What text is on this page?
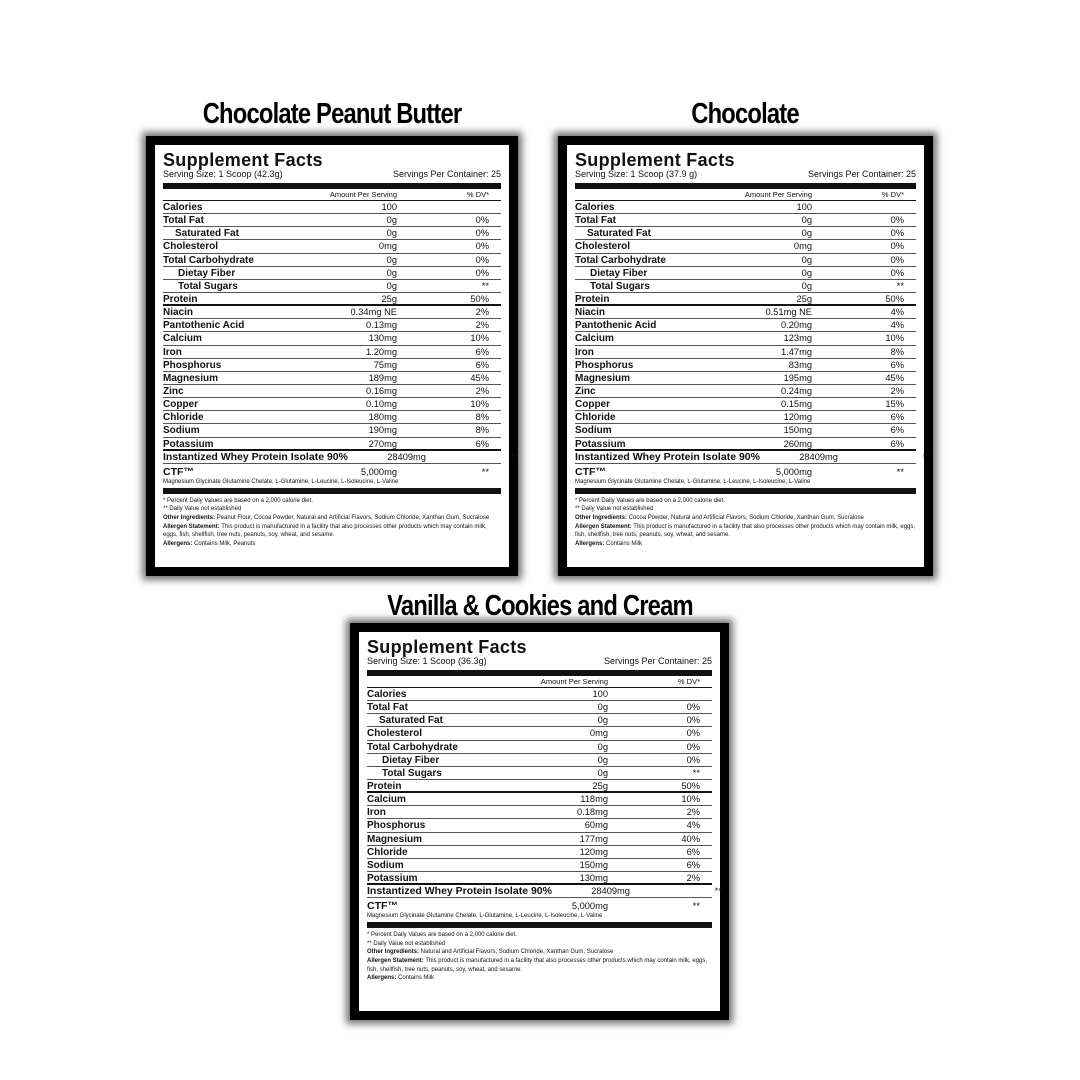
Chocolate Peanut Butter
Supplement Facts
Serving Size: 1 Scoop (42.3g)	Servings Per Container: 25
Amount Per Serving	% DV*
Calories	100
Total Fat	0g	0%
Saturated Fat	0g	0%
Cholesterol	0mg	0%
Total Carbohydrate	0g	0%
Dietay Fiber	0g	0%
Total Sugars	0g	**
Protein	25g	50%
Niacin	0.34mg NE	2%
Pantothenic Acid	0.13mg	2%
Calcium	130mg	10%
Iron	1.20mg	6%
Phosphorus	75mg	6%
Magnesium	189mg	45%
Zinc	0.16mg	2%
Copper	0.10mg	10%
Chloride	180mg	8%
Sodium	190mg	8%
Potassium	270mg	6%
Instantized Whey Protein Isolate 90%	28409mg	**
CTF™	5,000mg	**
Magnesium Glycinate Glutamine Chelate, L-Glutamine, L-Leucine, L-Isoleucine, L-Valine
* Percent Daily Values are based on a 2,000 calorie diet.
** Daily Value not established
Other Ingredients: Peanut Flour, Cocoa Powder, Natural and Artificial Flavors, Sodium Chloride, Xanthan Gum, Sucralose
Allergen Statement: This product is manufactured in a facility that also processes other products which may contain milk, eggs, fish, shellfish, tree nuts, peanuts, soy, wheat, and sesame.
Allergens: Contains Milk, Peanuts
Chocolate
Supplement Facts
Serving Size: 1 Scoop (37.9 g)	Servings Per Container: 25
Amount Per Serving	% DV*
Calories	100
Total Fat	0g	0%
Saturated Fat	0g	0%
Cholesterol	0mg	0%
Total Carbohydrate	0g	0%
Dietay Fiber	0g	0%
Total Sugars	0g	**
Protein	25g	50%
Niacin	0.51mg NE	4%
Pantothenic Acid	0.20mg	4%
Calcium	123mg	10%
Iron	1.47mg	8%
Phosphorus	83mg	6%
Magnesium	195mg	45%
Zinc	0.24mg	2%
Copper	0.15mg	15%
Chloride	120mg	6%
Sodium	150mg	6%
Potassium	260mg	6%
Instantized Whey Protein Isolate 90%	28409mg	**
CTF™	5,000mg	**
Magnesium Glycinate Glutamine Chelate, L-Glutamine, L-Leucine, L-Isoleucine, L-Valine
* Percent Daily Values are based on a 2,000 calorie diet.
** Daily Value not established
Other Ingredients: Cocoa Powder, Natural and Artificial Flavors, Sodium Chloride, Xanthan Gum, Sucralose
Allergen Statement: This product is manufactured in a facility that also processes other products which may contain milk, eggs, fish, shellfish, tree nuts, peanuts, soy, wheat, and sesame.
Allergens: Contains Milk
Vanilla & Cookies and Cream
Supplement Facts
Serving Size: 1 Scoop (36.3g)	Servings Per Container: 25
Amount Per Serving	% DV*
Calories	100
Total Fat	0g	0%
Saturated Fat	0g	0%
Cholesterol	0mg	0%
Total Carbohydrate	0g	0%
Dietay Fiber	0g	0%
Total Sugars	0g	**
Protein	25g	50%
Calcium	118mg	10%
Iron	0.18mg	2%
Phosphorus	60mg	4%
Magnesium	177mg	40%
Chloride	120mg	6%
Sodium	150mg	6%
Potassium	130mg	2%
Instantized Whey Protein Isolate 90%	28409mg	**
CTF™	5,000mg	**
Magnesium Glycinate Glutamine Chelate, L-Glutamine, L-Leucine, L-Isoleucine, L-Valine
* Percent Daily Values are based on a 2,000 calorie diet.
** Daily Value not established
Other Ingredients: Natural and Artificial Flavors, Sodium Chloride, Xanthan Gum, Sucralose
Allergen Statement: This product is manufactured in a facility that also processes other products which may contain milk, eggs, fish, shellfish, tree nuts, peanuts, soy, wheat, and sesame.
Allergens: Contains Milk
